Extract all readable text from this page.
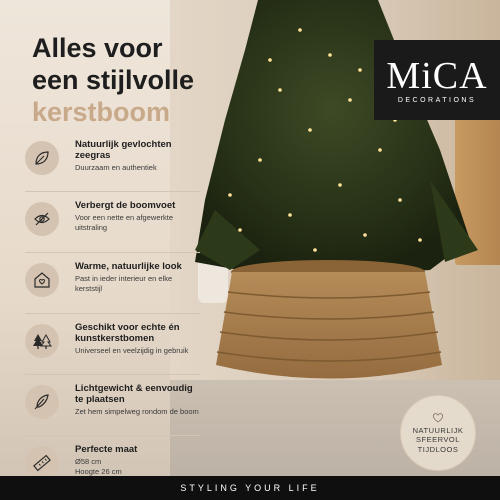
MiCA
DECORATIONS
Alles voor
een stijlvolle
kerstboom
Natuurlijk gevlochten zeegras
Duurzaam en authentiek
Verbergt de boomvoet
Voor een nette en afgewerkte uitstraling
Warme, natuurlijke look
Past in ieder interieur en elke kerststijl
Geschikt voor echte én kunstkerstbomen
Universeel en veelzijdig in gebruik
Lichtgewicht & eenvoudig te plaatsen
Zet hem simpelweg rondom de boom
Perfecte maat
Ø58 cm
Hoogte 26 cm
NATUURLIJK
SFEERVOL
TIJDLOOS
STYLING YOUR LIFE
